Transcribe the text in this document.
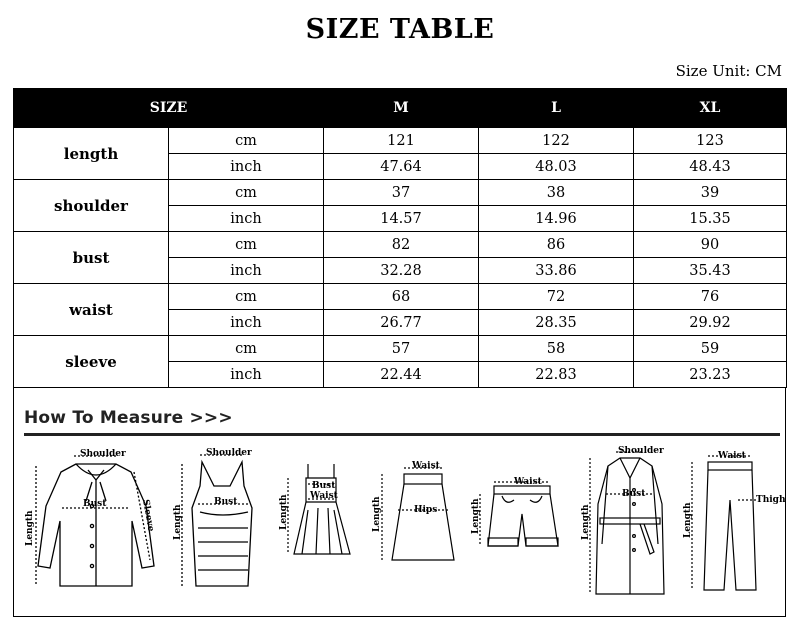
SIZE TABLE
Size Unit: CM
SIZE		M	L	XL
length	cm	121	122	123
	inch	47.64	48.03	48.43
shoulder	cm	37	38	39
	inch	14.57	14.96	15.35
bust	cm	82	86	90
	inch	32.28	33.86	35.43
waist	cm	68	72	76
	inch	26.77	28.35	29.92
sleeve	cm	57	58	59
	inch	22.44	22.83	23.23
How To Measure >>>
Shoulder
Bust
Length	Sleeve
Shoulder
Bust
Length
Bust
Waist
Length
Waist
Hips
Length
Waist
Length
Shoulder
Bust
Length
Waist
Thigh
Length
